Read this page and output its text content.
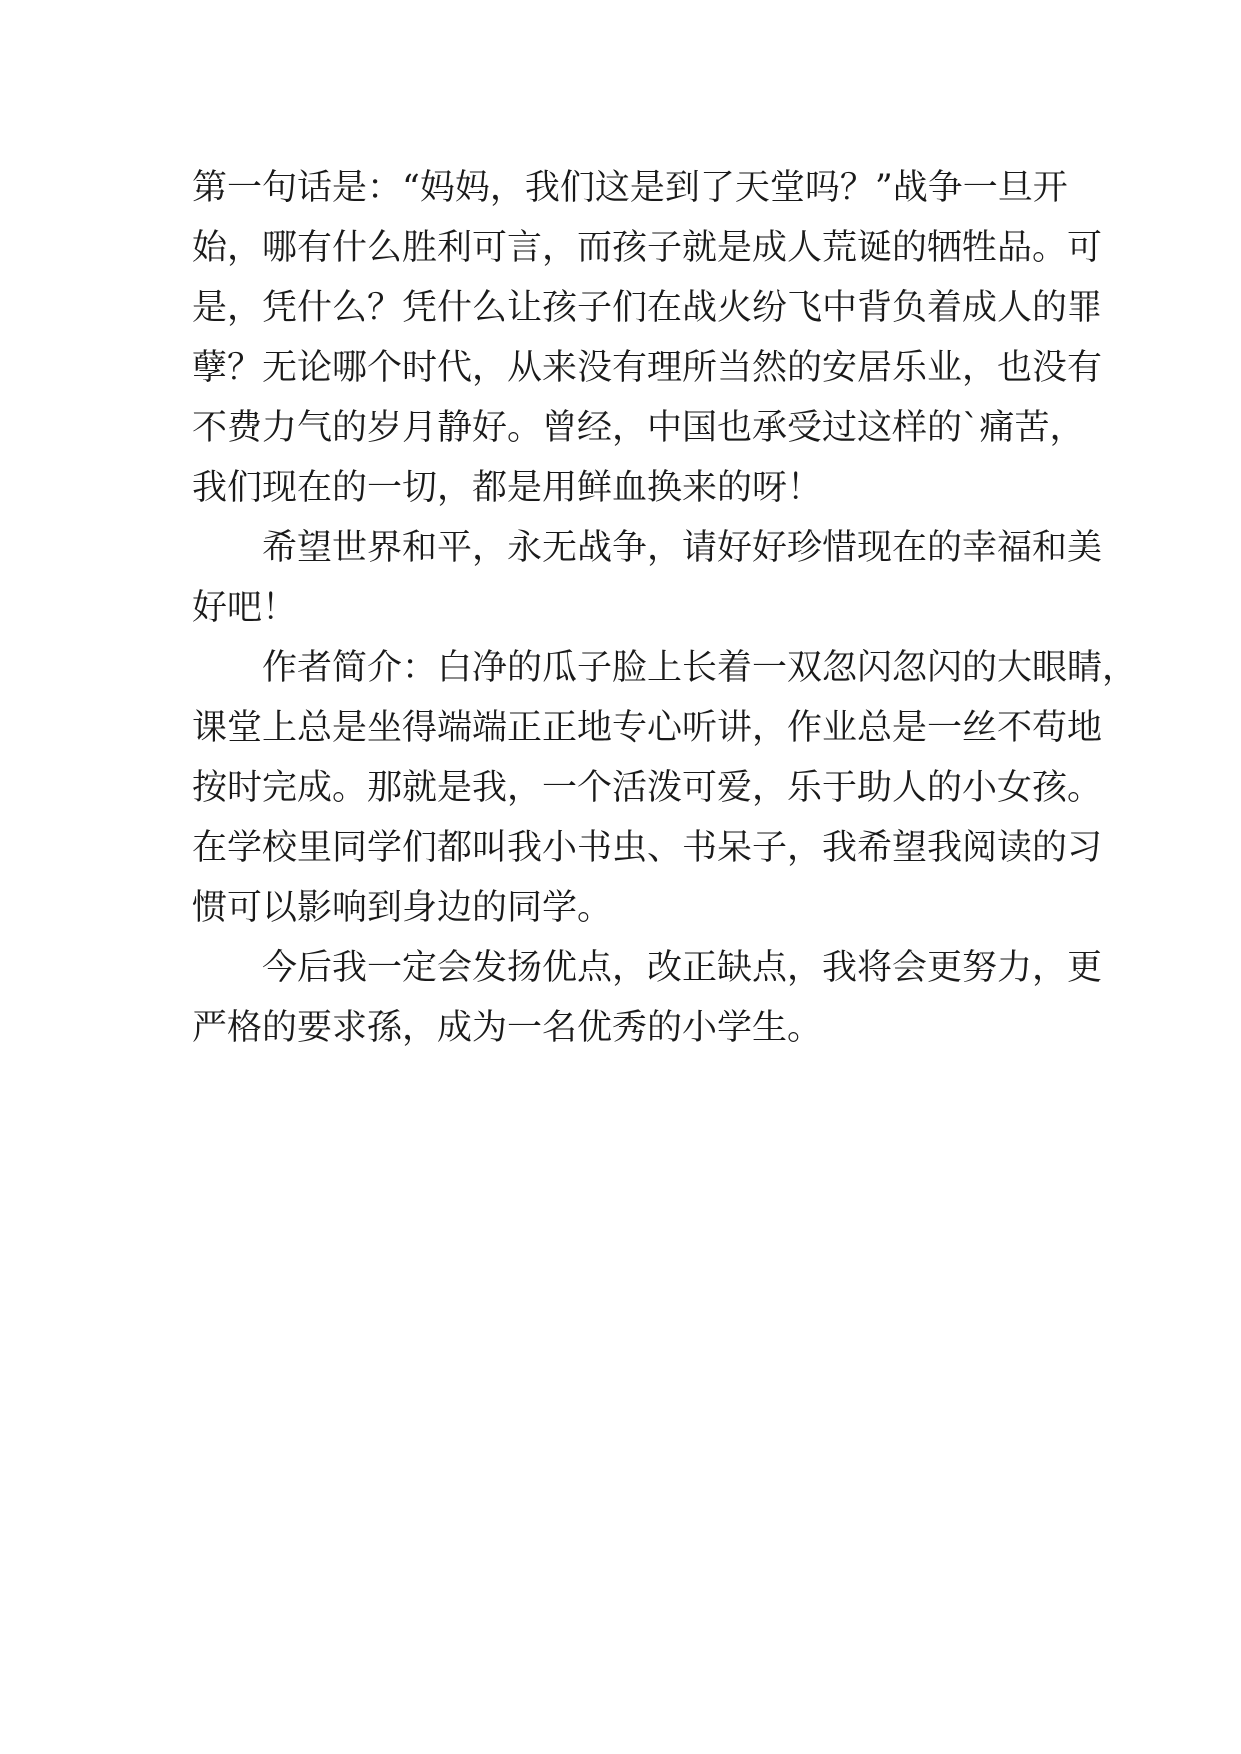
第一句话是：“妈妈，我们这是到了天堂吗？”战争一旦开
始，哪有什么胜利可言，而孩子就是成人荒诞的牺牲品。可
是，凭什么？凭什么让孩子们在战火纷飞中背负着成人的罪
孽？无论哪个时代，从来没有理所当然的安居乐业，也没有
不费力气的岁月静好。曾经，中国也承受过这样的`痛苦，
我们现在的一切，都是用鲜血换来的呀！
希望世界和平，永无战争，请好好珍惜现在的幸福和美
好吧！
作者简介：白净的瓜子脸上长着一双忽闪忽闪的大眼睛，
课堂上总是坐得端端正正地专心听讲，作业总是一丝不苟地
按时完成。那就是我，一个活泼可爱，乐于助人的小女孩。
在学校里同学们都叫我小书虫、书呆子，我希望我阅读的习
惯可以影响到身边的同学。
今后我一定会发扬优点，改正缺点，我将会更努力，更
严格的要求孫，成为一名优秀的小学生。
